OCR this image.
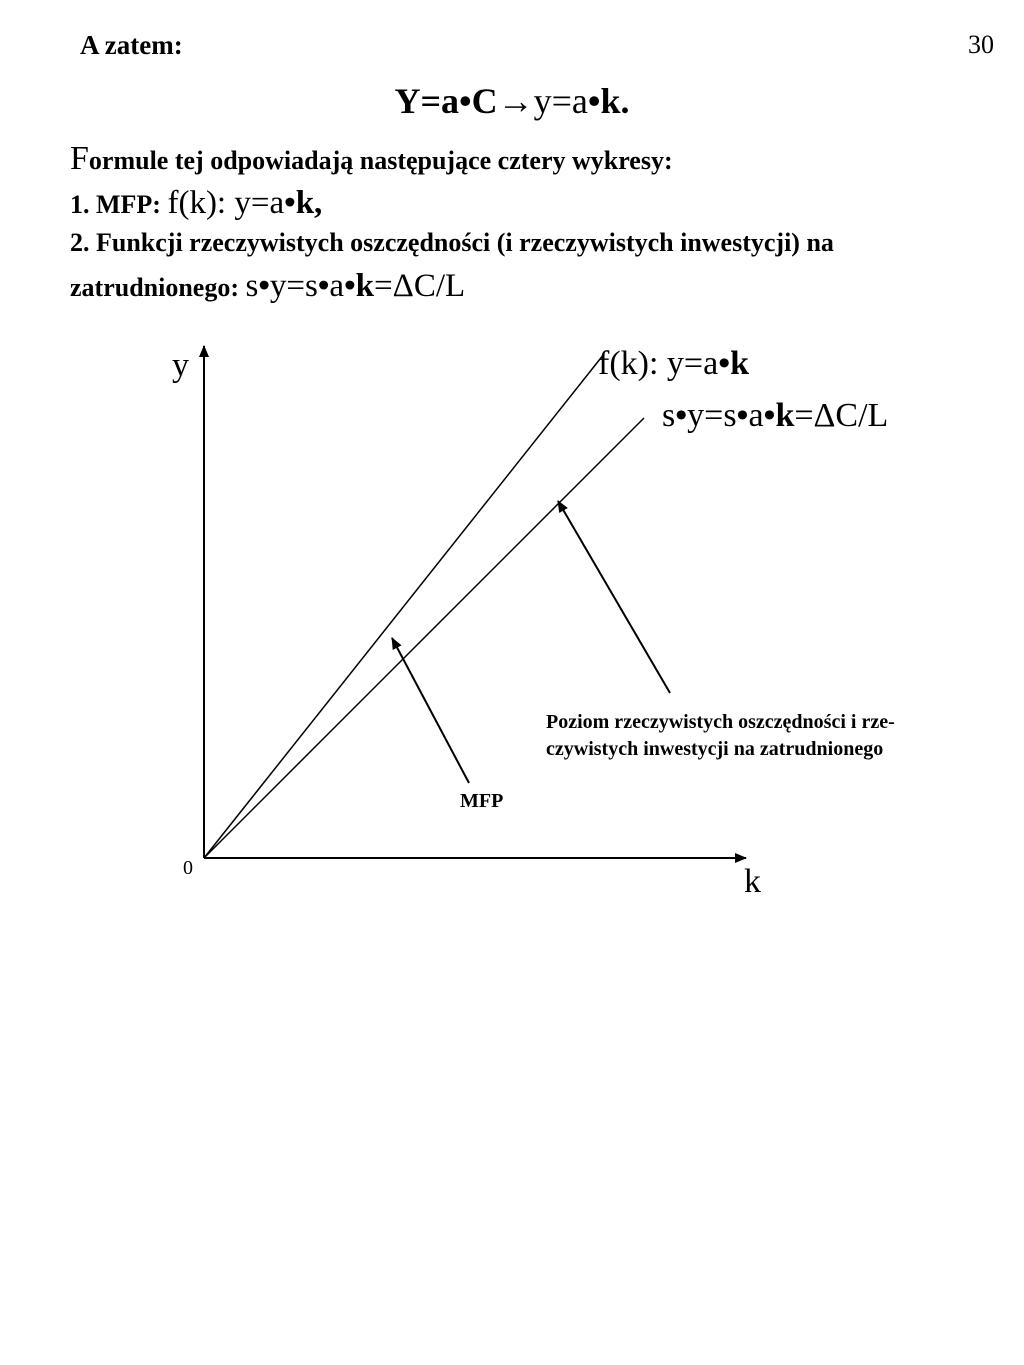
A zatem:	30
Y=a•C→y=a•k.
Formule tej odpowiadają następujące cztery wykresy:
1. MFP: f(k): y=a•k,
2. Funkcji rzeczywistych oszczędności (i rzeczywistych inwestycji) na
zatrudnionego: s•y=s•a•k=ΔC/L
y
k
0
f(k): y=a•k
s•y=s•a•k=ΔC/L
MFP
Poziom rzeczywistych oszczędności i rze-
czywistych inwestycji na zatrudnionego
